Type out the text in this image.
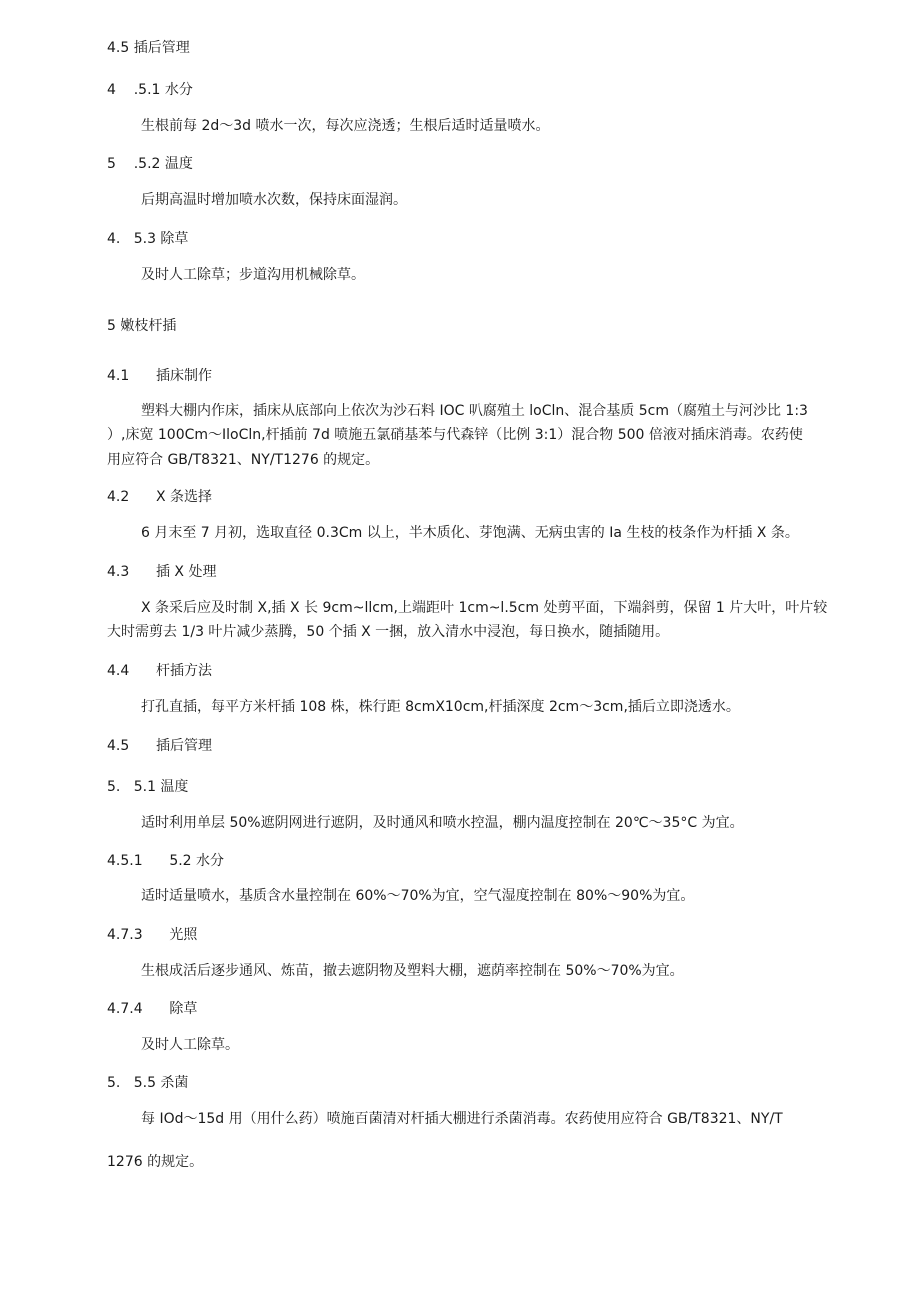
4.5 插后管理
4    .5.1 水分
生根前每 2d～3d 喷水一次，每次应浇透；生根后适时适量喷水。
5    .5.2 温度
后期高温时增加喷水次数，保持床面湿润。
4.   5.3 除草
及时人工除草；步道沟用机械除草。
5 嫩枝杆插
4.1      插床制作
塑料大棚内作床，插床从底部向上依次为沙石料 IOC 叭腐殖土 loCln、混合基质 5cm（腐殖土与河沙比 1:3
）,床宽 100Cm～IloCln,杆插前 7d 喷施五氯硝基苯与代森锌（比例 3:1）混合物 500 倍液对插床消毒。农药使
用应符合 GB/T8321、NY/T1276 的规定。
4.2      X 条选择
6 月末至 7 月初，选取直径 0.3Cm 以上，半木质化、芽饱满、无病虫害的 Ia 生枝的枝条作为杆插 X 条。
4.3      插 X 处理
X 条采后应及时制 X,插 X 长 9cm~llcm,上端距叶 1cm~l.5cm 处剪平面，下端斜剪，保留 1 片大叶，叶片较
大时需剪去 1/3 叶片减少蒸腾，50 个插 X 一捆，放入清水中浸泡，每日换水，随插随用。
4.4      杆插方法
打孔直插，每平方米杆插 108 株，株行距 8cmX10cm,杆插深度 2cm～3cm,插后立即浇透水。
4.5      插后管理
5.   5.1 温度
适时利用单层 50%遮阴网进行遮阴，及时通风和喷水控温，棚内温度控制在 20℃～35°C 为宜。
4.5.1      5.2 水分
适时适量喷水，基质含水量控制在 60%～70%为宜，空气湿度控制在 80%～90%为宜。
4.7.3      光照
生根成活后逐步通风、炼苗，撤去遮阴物及塑料大棚，遮荫率控制在 50%～70%为宜。
4.7.4      除草
及时人工除草。
5.   5.5 杀菌
每 IOd～15d 用（用什么药）喷施百菌清对杆插大棚进行杀菌消毒。农药使用应符合 GB/T8321、NY/T
1276 的规定。
